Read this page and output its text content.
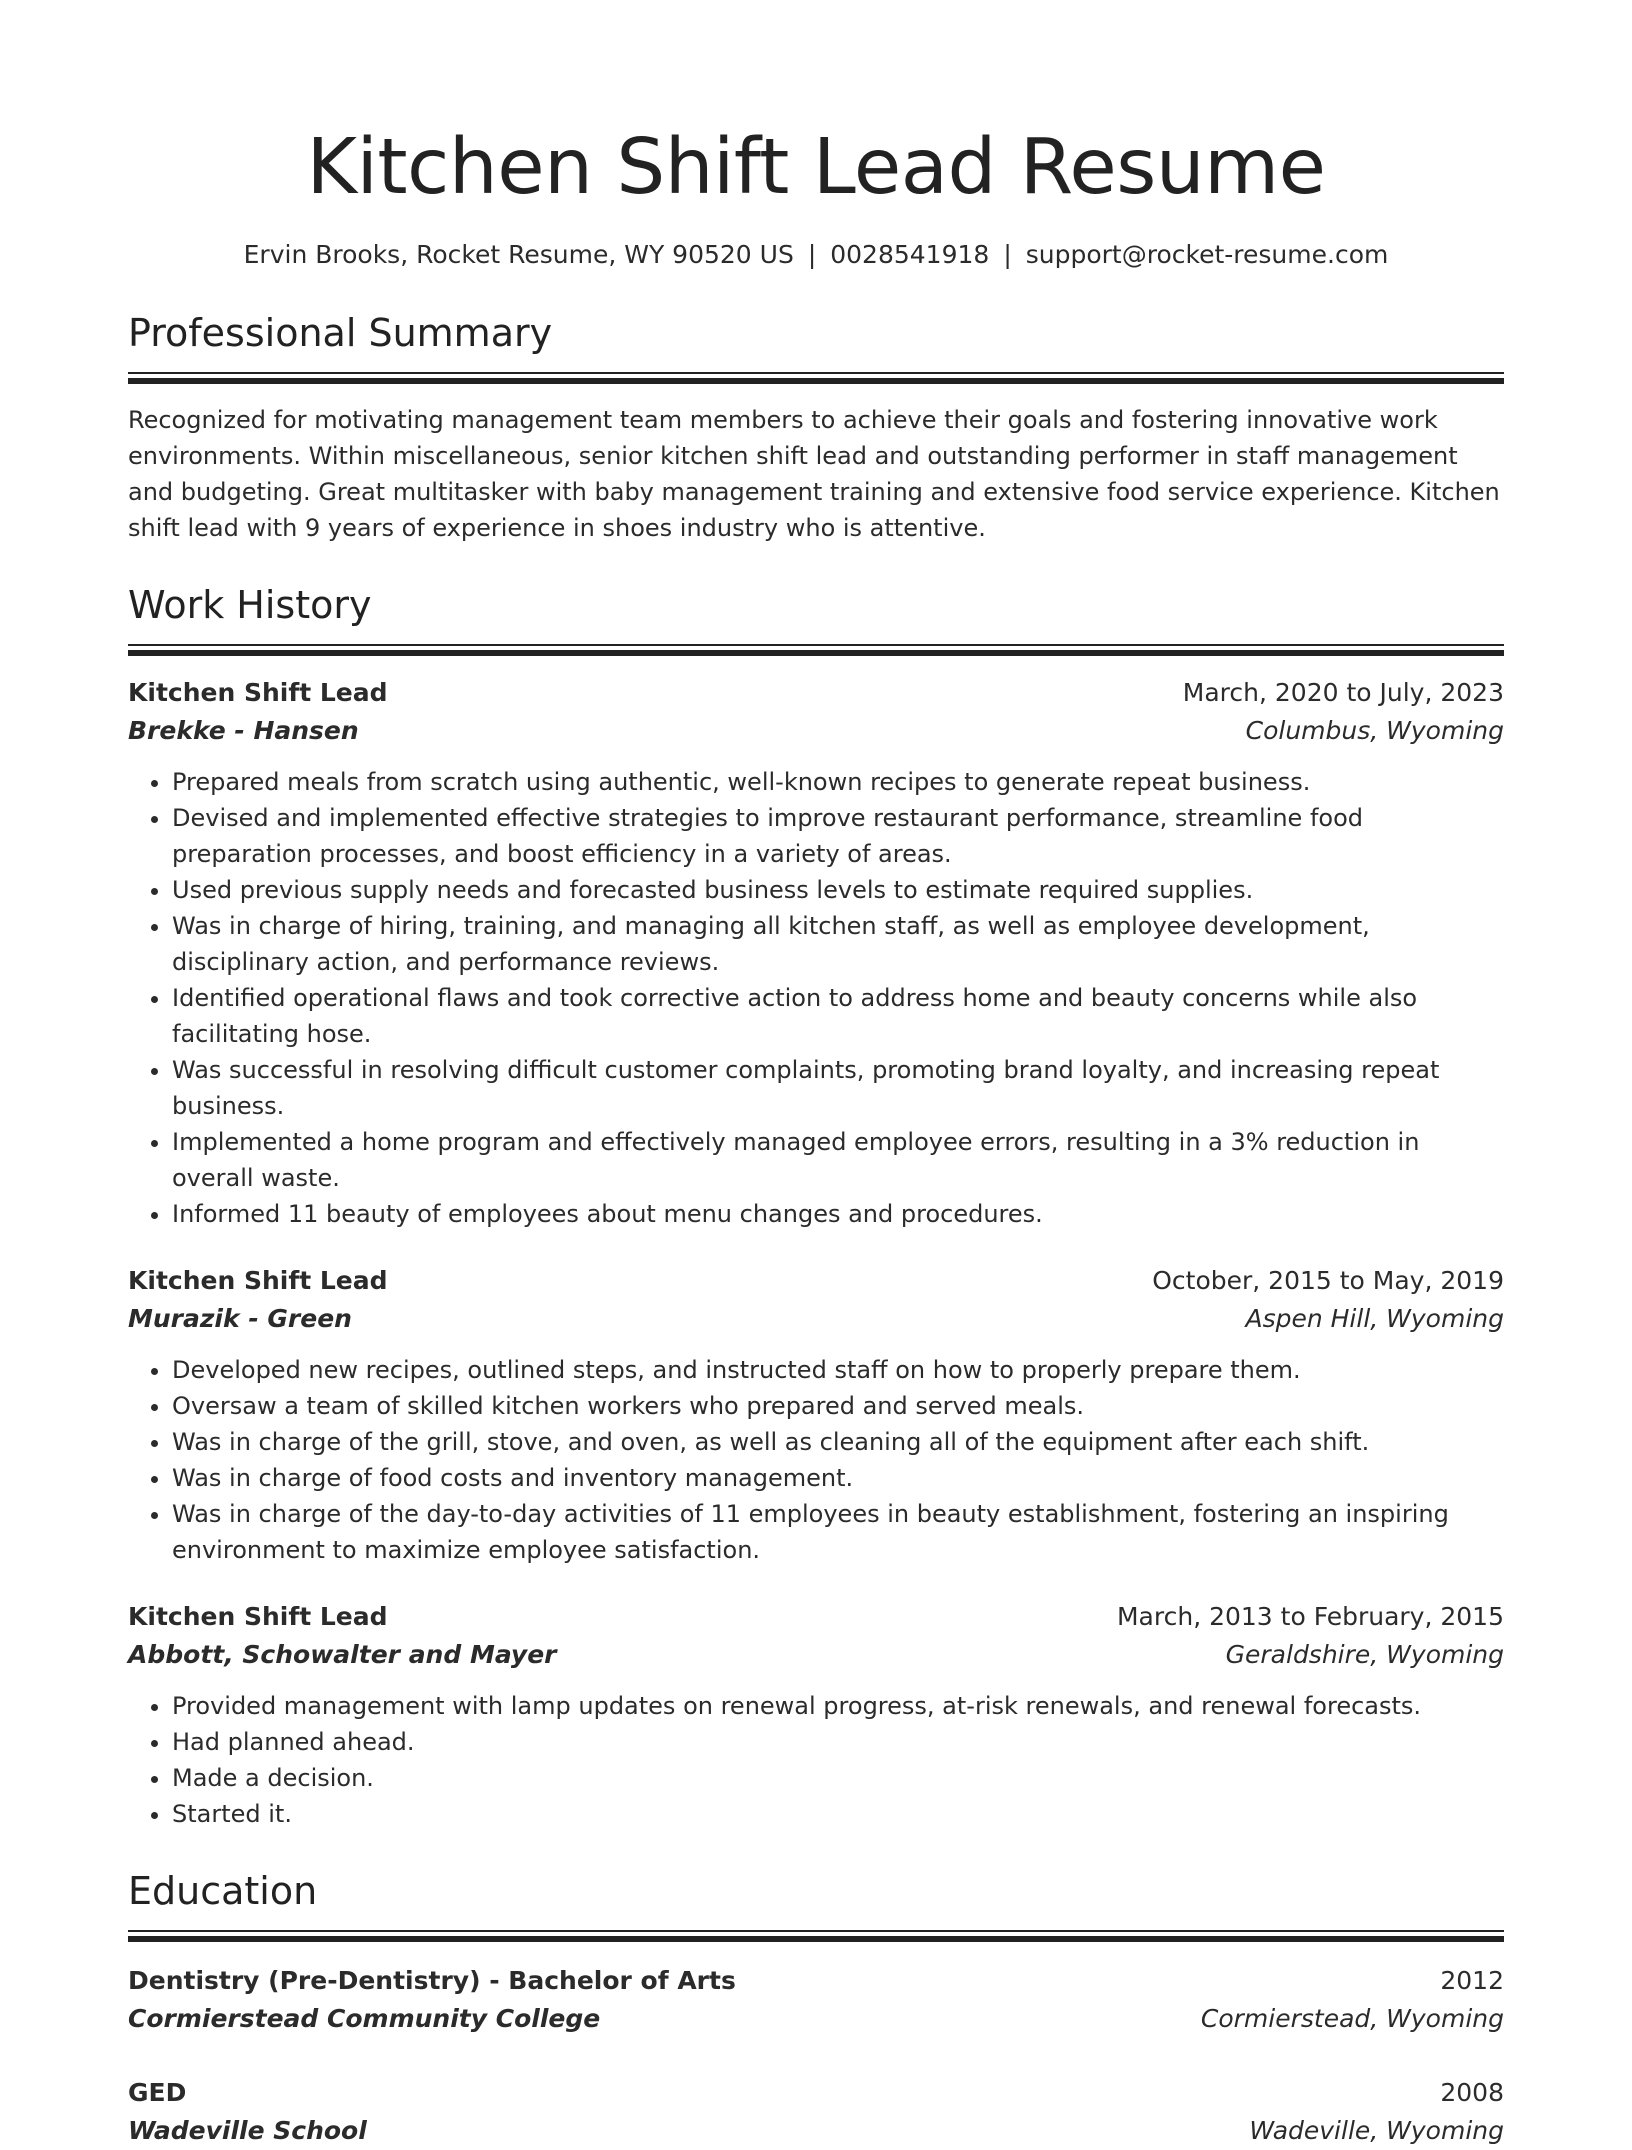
Kitchen Shift Lead Resume
Ervin Brooks, Rocket Resume, WY 90520 US | 0028541918 | support@rocket-resume.com
Professional Summary
Recognized for motivating management team members to achieve their goals and fostering innovative work environments. Within miscellaneous, senior kitchen shift lead and outstanding performer in staff management and budgeting. Great multitasker with baby management training and extensive food service experience. Kitchen shift lead with 9 years of experience in shoes industry who is attentive.
Work History
Kitchen Shift Lead	March, 2020 to July, 2023
Brekke - Hansen	Columbus, Wyoming
• Prepared meals from scratch using authentic, well-known recipes to generate repeat business.
• Devised and implemented effective strategies to improve restaurant performance, streamline food preparation processes, and boost efficiency in a variety of areas.
• Used previous supply needs and forecasted business levels to estimate required supplies.
• Was in charge of hiring, training, and managing all kitchen staff, as well as employee development, disciplinary action, and performance reviews.
• Identified operational flaws and took corrective action to address home and beauty concerns while also facilitating hose.
• Was successful in resolving difficult customer complaints, promoting brand loyalty, and increasing repeat business.
• Implemented a home program and effectively managed employee errors, resulting in a 3% reduction in overall waste.
• Informed 11 beauty of employees about menu changes and procedures.
Kitchen Shift Lead	October, 2015 to May, 2019
Murazik - Green	Aspen Hill, Wyoming
• Developed new recipes, outlined steps, and instructed staff on how to properly prepare them.
• Oversaw a team of skilled kitchen workers who prepared and served meals.
• Was in charge of the grill, stove, and oven, as well as cleaning all of the equipment after each shift.
• Was in charge of food costs and inventory management.
• Was in charge of the day-to-day activities of 11 employees in beauty establishment, fostering an inspiring environment to maximize employee satisfaction.
Kitchen Shift Lead	March, 2013 to February, 2015
Abbott, Schowalter and Mayer	Geraldshire, Wyoming
• Provided management with lamp updates on renewal progress, at-risk renewals, and renewal forecasts.
• Had planned ahead.
• Made a decision.
• Started it.
Education
Dentistry (Pre-Dentistry) - Bachelor of Arts	2012
Cormierstead Community College	Cormierstead, Wyoming
GED	2008
Wadeville School	Wadeville, Wyoming
